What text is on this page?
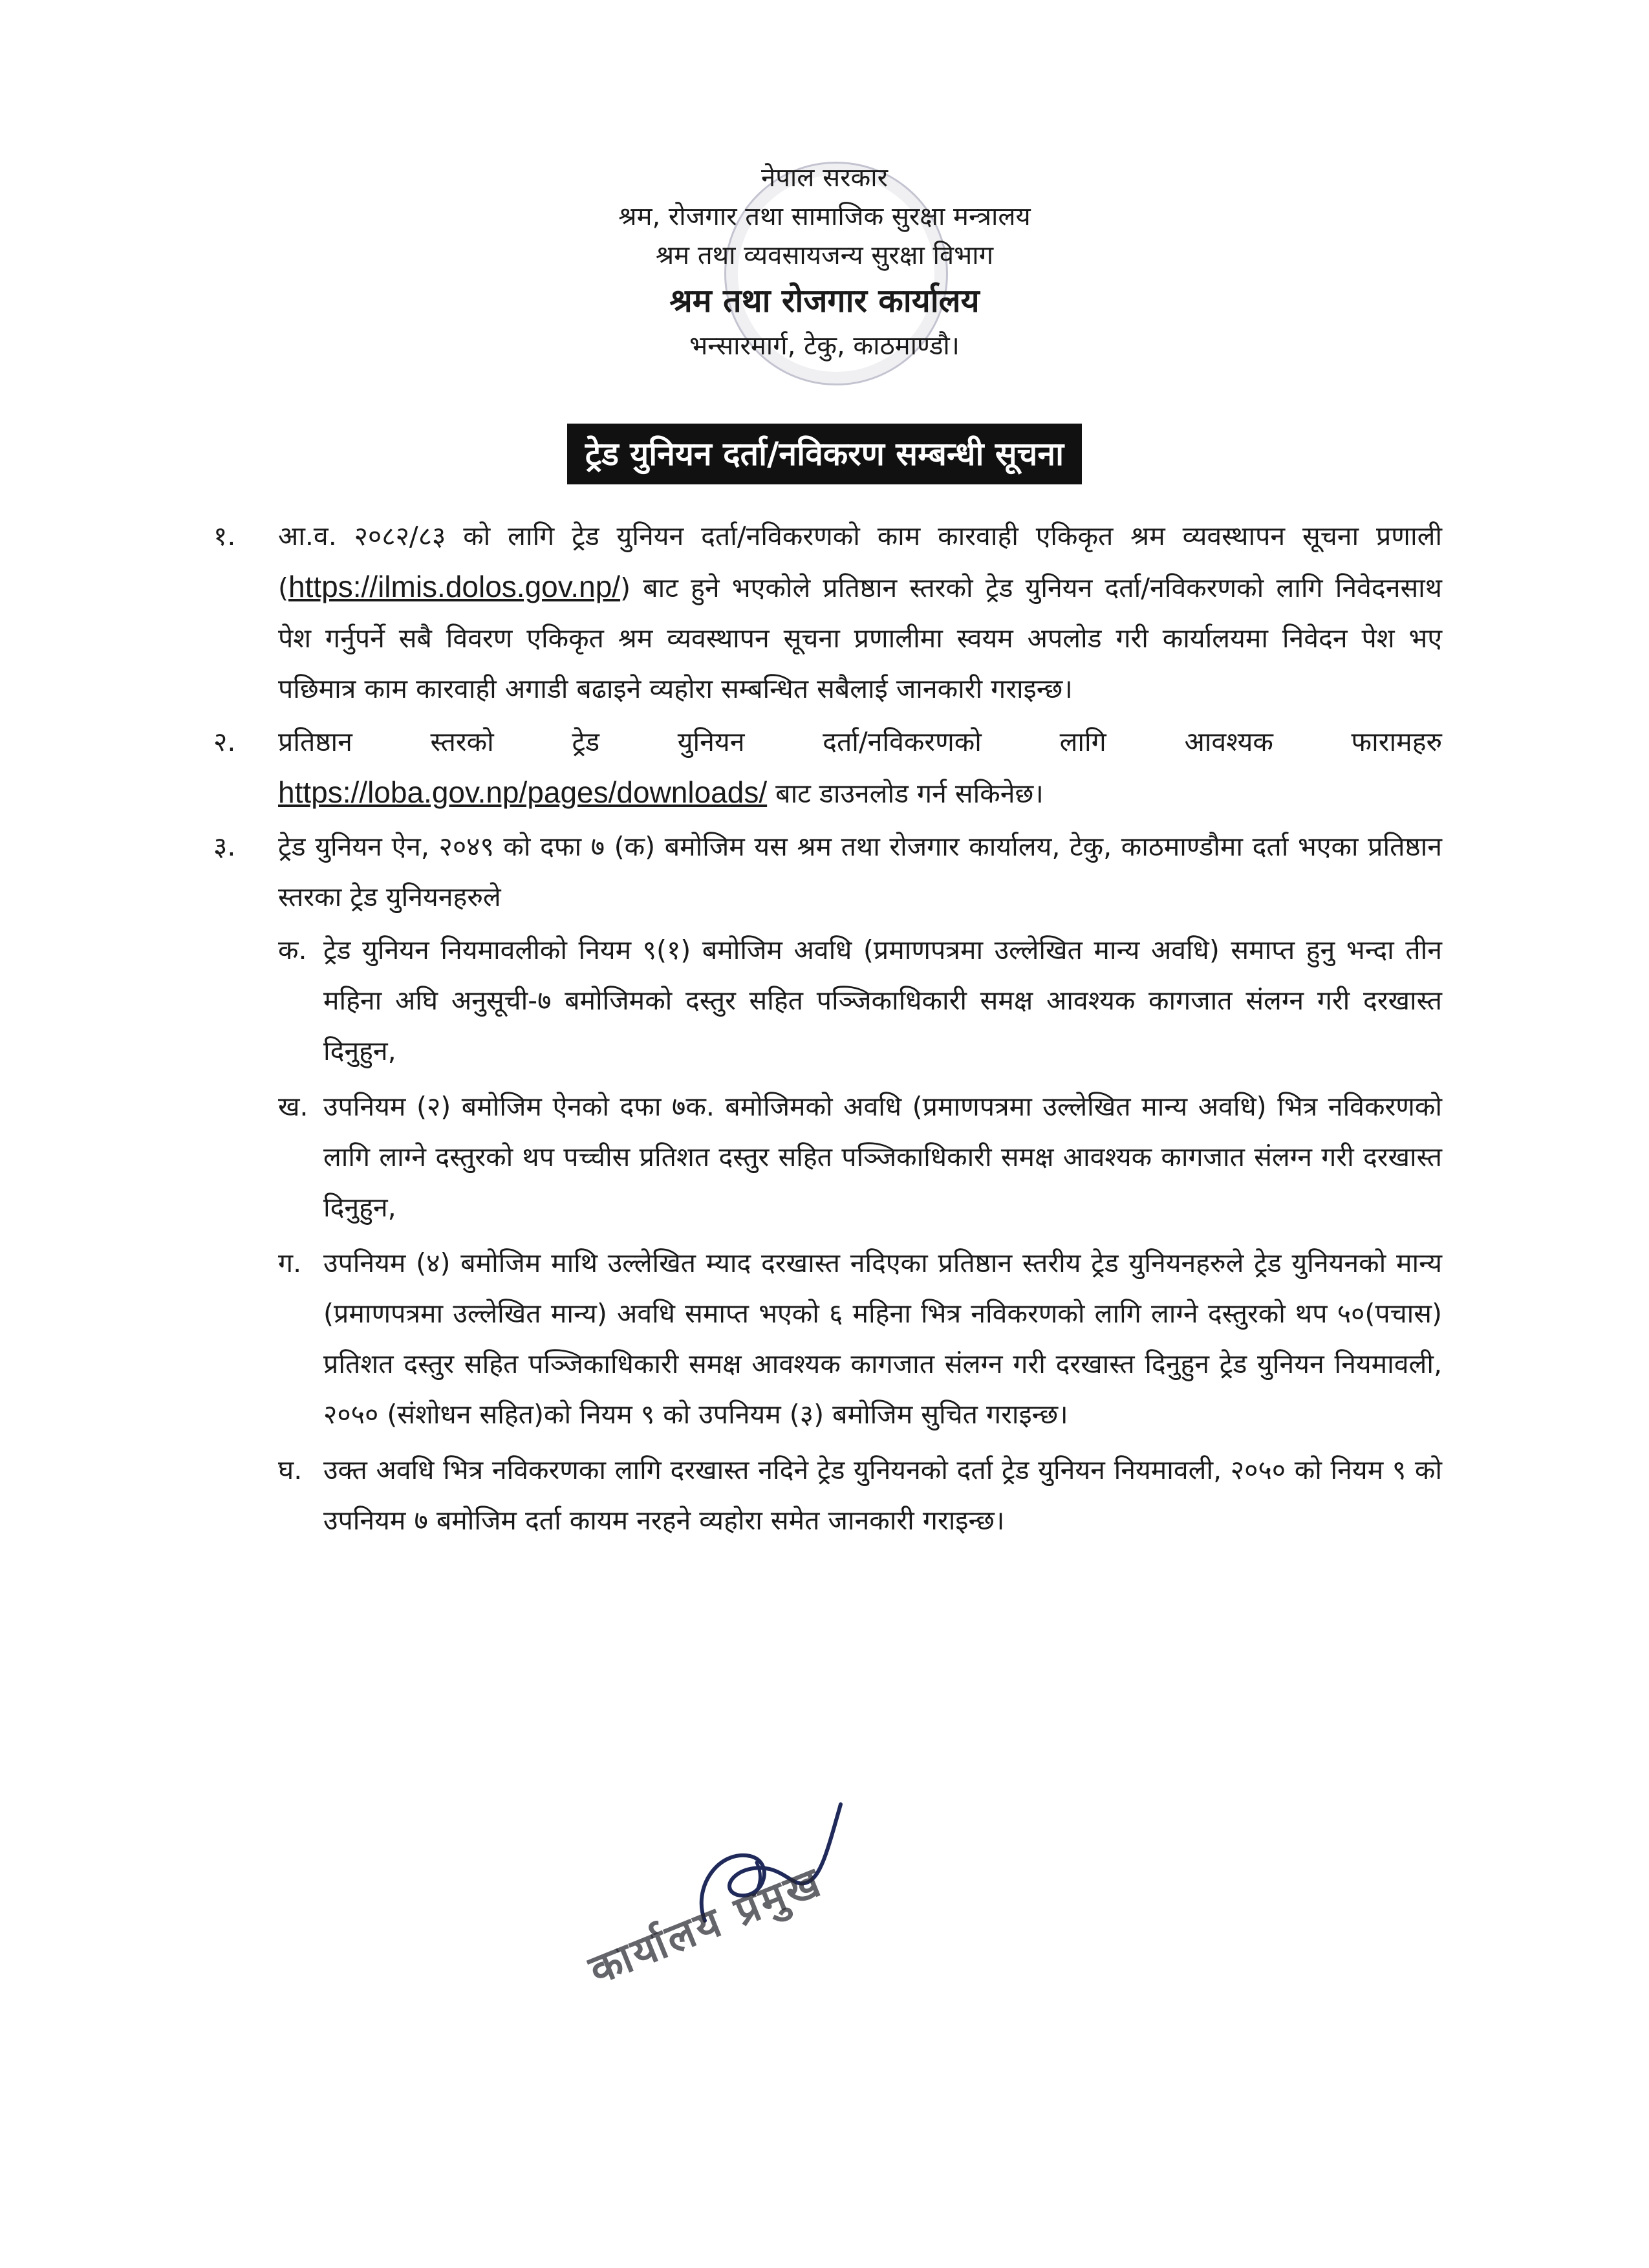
नेपाल सरकार
श्रम, रोजगार तथा सामाजिक सुरक्षा मन्त्रालय
श्रम तथा व्यवसायजन्य सुरक्षा विभाग
श्रम तथा रोजगार कार्यालय
भन्सारमार्ग, टेकु, काठमाण्डौ।
ट्रेड युनियन दर्ता/नविकरण सम्बन्धी सूचना
१. आ.व. २०८२/८३ को लागि ट्रेड युनियन दर्ता/नविकरणको काम कारवाही एकिकृत श्रम व्यवस्थापन सूचना प्रणाली (https://ilmis.dolos.gov.np/) बाट हुने भएकोले प्रतिष्ठान स्तरको ट्रेड युनियन दर्ता/नविकरणको लागि निवेदनसाथ पेश गर्नुपर्ने सबै विवरण एकिकृत श्रम व्यवस्थापन सूचना प्रणालीमा स्वयम अपलोड गरी कार्यालयमा निवेदन पेश भए पछिमात्र काम कारवाही अगाडी बढाइने व्यहोरा सम्बन्धित सबैलाई जानकारी गराइन्छ।
२. प्रतिष्ठान स्तरको ट्रेड युनियन दर्ता/नविकरणको लागि आवश्यक फारामहरु https://loba.gov.np/pages/downloads/ बाट डाउनलोड गर्न सकिनेछ।
३. ट्रेड युनियन ऐन, २०४९ को दफा ७ (क) बमोजिम यस श्रम तथा रोजगार कार्यालय, टेकु, काठमाण्डौमा दर्ता भएका प्रतिष्ठान स्तरका ट्रेड युनियनहरुले
क. ट्रेड युनियन नियमावलीको नियम ९(१) बमोजिम अवधि (प्रमाणपत्रमा उल्लेखित मान्य अवधि) समाप्त हुनु भन्दा तीन महिना अघि अनुसूची-७ बमोजिमको दस्तुर सहित पञ्जिकाधिकारी समक्ष आवश्यक कागजात संलग्न गरी दरखास्त दिनुहुन,
ख. उपनियम (२) बमोजिम ऐनको दफा ७क. बमोजिमको अवधि (प्रमाणपत्रमा उल्लेखित मान्य अवधि) भित्र नविकरणको लागि लाग्ने दस्तुरको थप पच्चीस प्रतिशत दस्तुर सहित पञ्जिकाधिकारी समक्ष आवश्यक कागजात संलग्न गरी दरखास्त दिनुहुन,
ग. उपनियम (४) बमोजिम माथि उल्लेखित म्याद दरखास्त नदिएका प्रतिष्ठान स्तरीय ट्रेड युनियनहरुले ट्रेड युनियनको मान्य (प्रमाणपत्रमा उल्लेखित मान्य) अवधि समाप्त भएको ६ महिना भित्र नविकरणको लागि लाग्ने दस्तुरको थप ५०(पचास) प्रतिशत दस्तुर सहित पञ्जिकाधिकारी समक्ष आवश्यक कागजात संलग्न गरी दरखास्त दिनुहुन ट्रेड युनियन नियमावली, २०५० (संशोधन सहित)को नियम ९ को उपनियम (३) बमोजिम सुचित गराइन्छ।
घ. उक्त अवधि भित्र नविकरणका लागि दरखास्त नदिने ट्रेड युनियनको दर्ता ट्रेड युनियन नियमावली, २०५० को नियम ९ को उपनियम ७ बमोजिम दर्ता कायम नरहने व्यहोरा समेत जानकारी गराइन्छ।
कार्यालय प्रमुख
